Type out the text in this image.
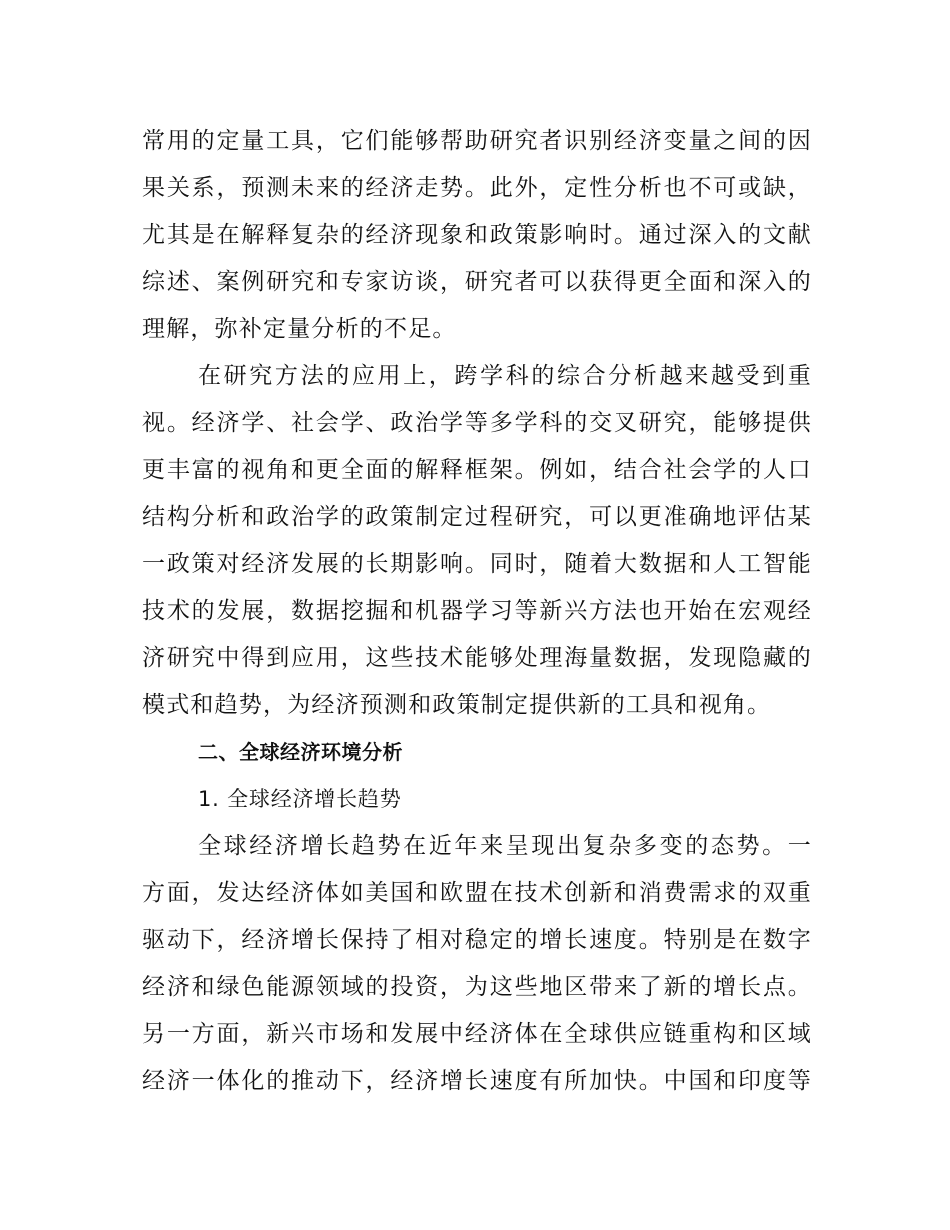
常用的定量工具，它们能够帮助研究者识别经济变量之间的因
果关系，预测未来的经济走势。此外，定性分析也不可或缺，
尤其是在解释复杂的经济现象和政策影响时。通过深入的文献
综述、案例研究和专家访谈，研究者可以获得更全面和深入的
理解，弥补定量分析的不足。
在研究方法的应用上，跨学科的综合分析越来越受到重
视。经济学、社会学、政治学等多学科的交叉研究，能够提供
更丰富的视角和更全面的解释框架。例如，结合社会学的人口
结构分析和政治学的政策制定过程研究，可以更准确地评估某
一政策对经济发展的长期影响。同时，随着大数据和人工智能
技术的发展，数据挖掘和机器学习等新兴方法也开始在宏观经
济研究中得到应用，这些技术能够处理海量数据，发现隐藏的
模式和趋势，为经济预测和政策制定提供新的工具和视角。
二、全球经济环境分析
1. 全球经济增长趋势
全球经济增长趋势在近年来呈现出复杂多变的态势。一
方面，发达经济体如美国和欧盟在技术创新和消费需求的双重
驱动下，经济增长保持了相对稳定的增长速度。特别是在数字
经济和绿色能源领域的投资，为这些地区带来了新的增长点。
另一方面，新兴市场和发展中经济体在全球供应链重构和区域
经济一体化的推动下，经济增长速度有所加快。中国和印度等
